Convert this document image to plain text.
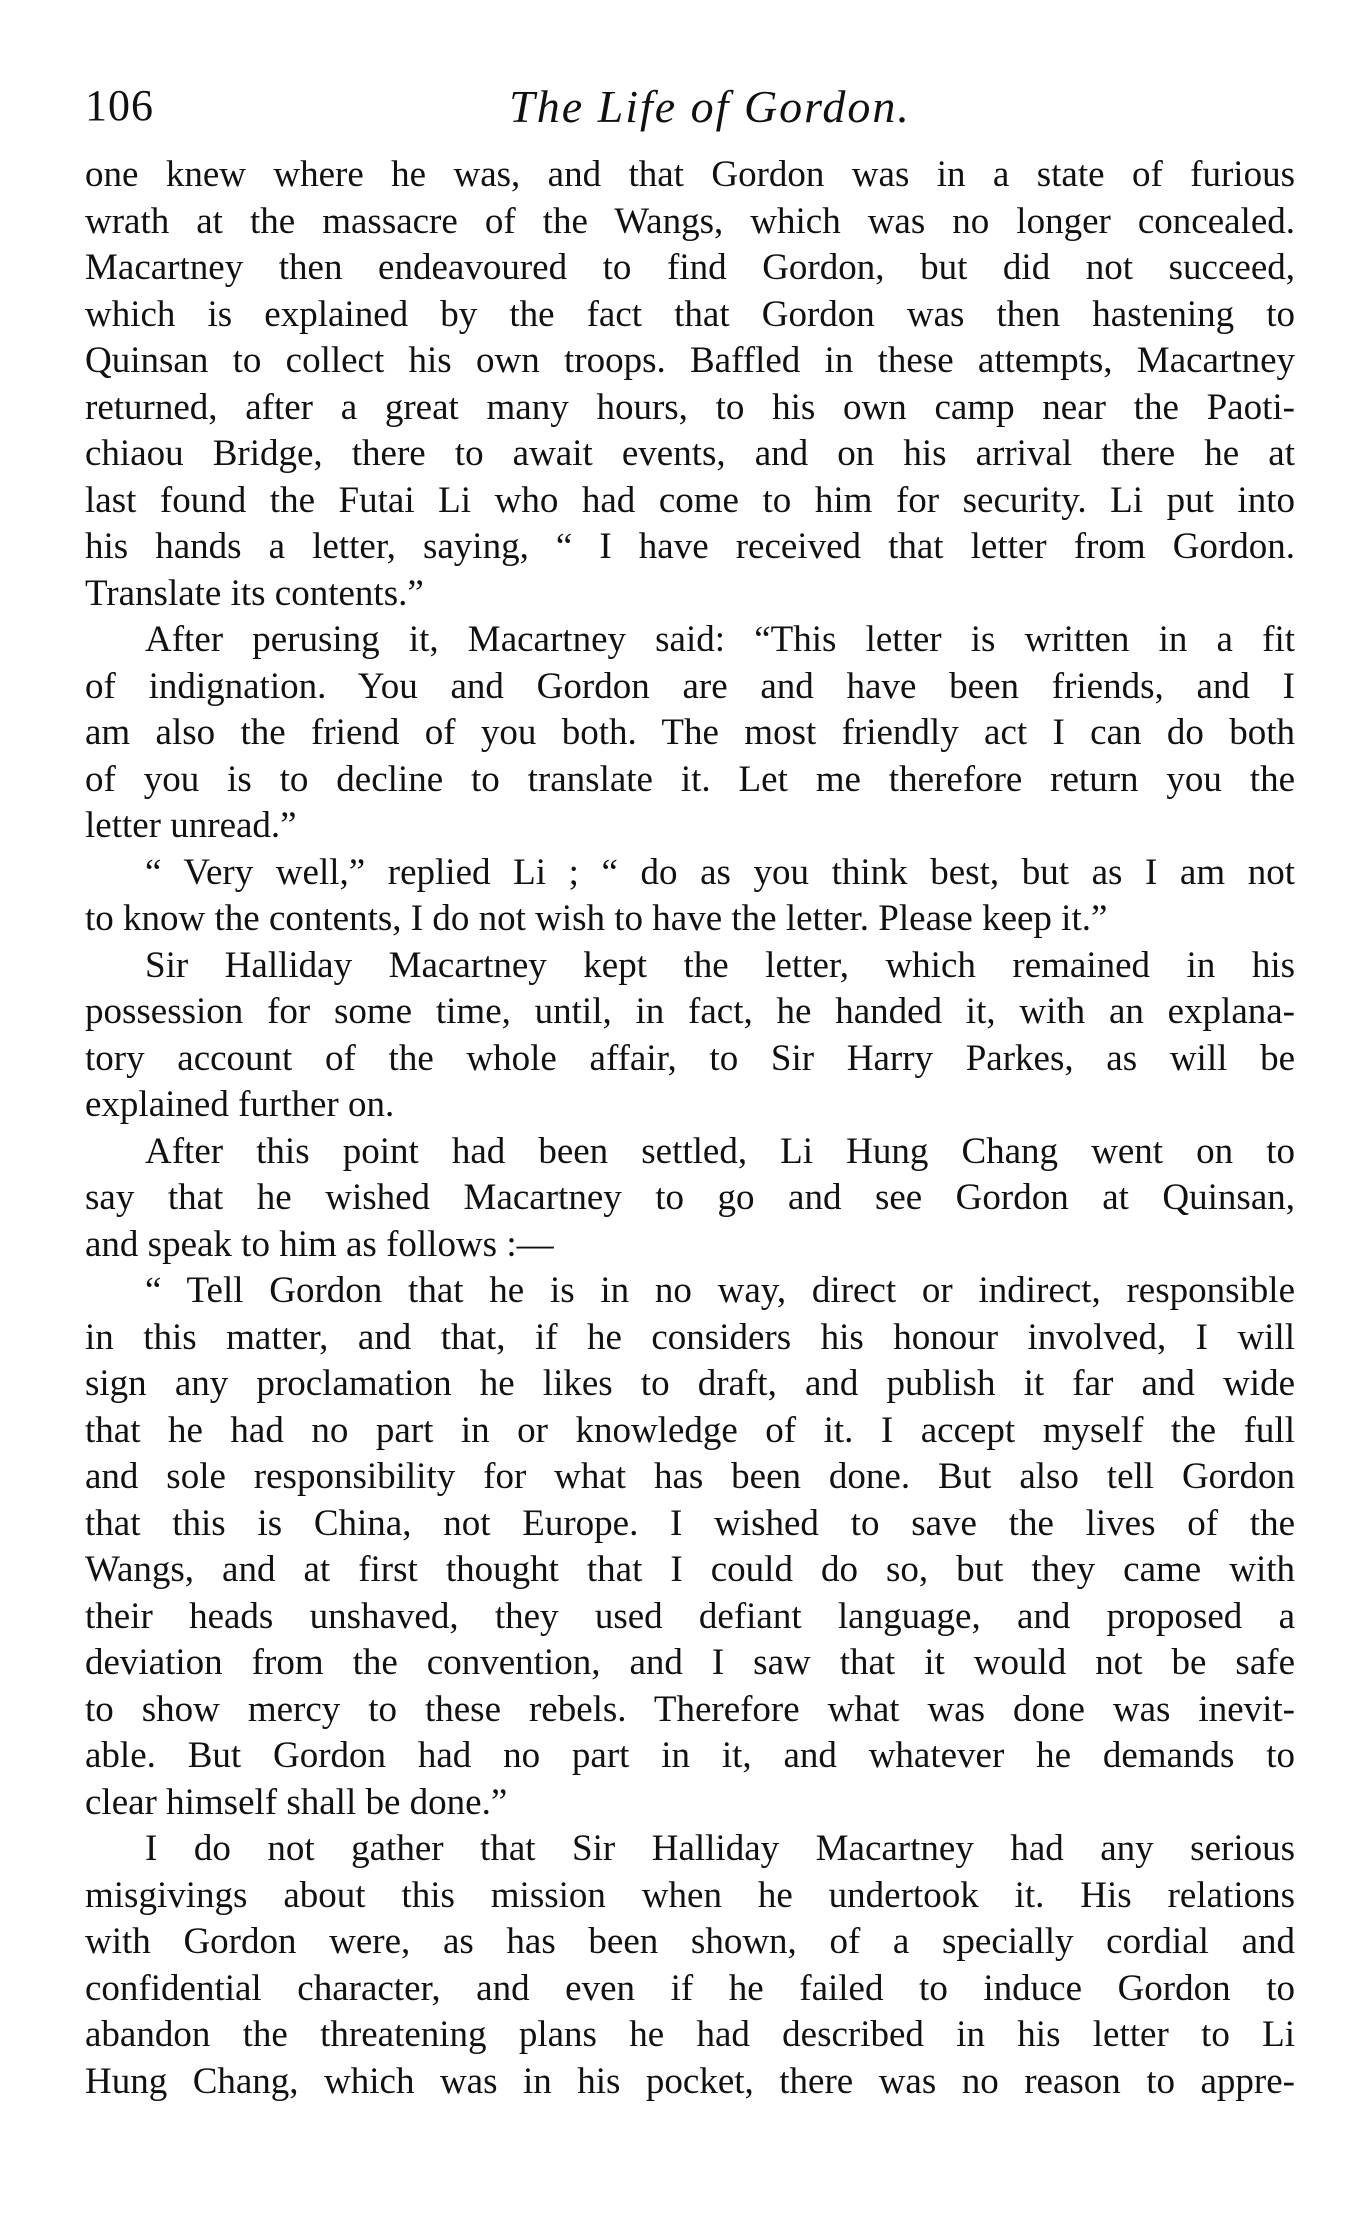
106	The Life of Gordon.
one knew where he was, and that Gordon was in a state of furious
wrath at the massacre of the Wangs, which was no longer concealed.
Macartney then endeavoured to find Gordon, but did not succeed,
which is explained by the fact that Gordon was then hastening to
Quinsan to collect his own troops. Baffled in these attempts, Macartney
returned, after a great many hours, to his own camp near the Paoti-
chiaou Bridge, there to await events, and on his arrival there he at
last found the Futai Li who had come to him for security. Li put into
his hands a letter, saying, “ I have received that letter from Gordon.
Translate its contents.”
After perusing it, Macartney said: “This letter is written in a fit
of indignation. You and Gordon are and have been friends, and I
am also the friend of you both. The most friendly act I can do both
of you is to decline to translate it. Let me therefore return you the
letter unread.”
“ Very well,” replied Li ; “ do as you think best, but as I am not
to know the contents, I do not wish to have the letter. Please keep it.”
Sir Halliday Macartney kept the letter, which remained in his
possession for some time, until, in fact, he handed it, with an explana-
tory account of the whole affair, to Sir Harry Parkes, as will be
explained further on.
After this point had been settled, Li Hung Chang went on to
say that he wished Macartney to go and see Gordon at Quinsan,
and speak to him as follows :—
“ Tell Gordon that he is in no way, direct or indirect, responsible
in this matter, and that, if he considers his honour involved, I will
sign any proclamation he likes to draft, and publish it far and wide
that he had no part in or knowledge of it. I accept myself the full
and sole responsibility for what has been done. But also tell Gordon
that this is China, not Europe. I wished to save the lives of the
Wangs, and at first thought that I could do so, but they came with
their heads unshaved, they used defiant language, and proposed a
deviation from the convention, and I saw that it would not be safe
to show mercy to these rebels. Therefore what was done was inevit-
able. But Gordon had no part in it, and whatever he demands to
clear himself shall be done.”
I do not gather that Sir Halliday Macartney had any serious
misgivings about this mission when he undertook it. His relations
with Gordon were, as has been shown, of a specially cordial and
confidential character, and even if he failed to induce Gordon to
abandon the threatening plans he had described in his letter to Li
Hung Chang, which was in his pocket, there was no reason to appre-
